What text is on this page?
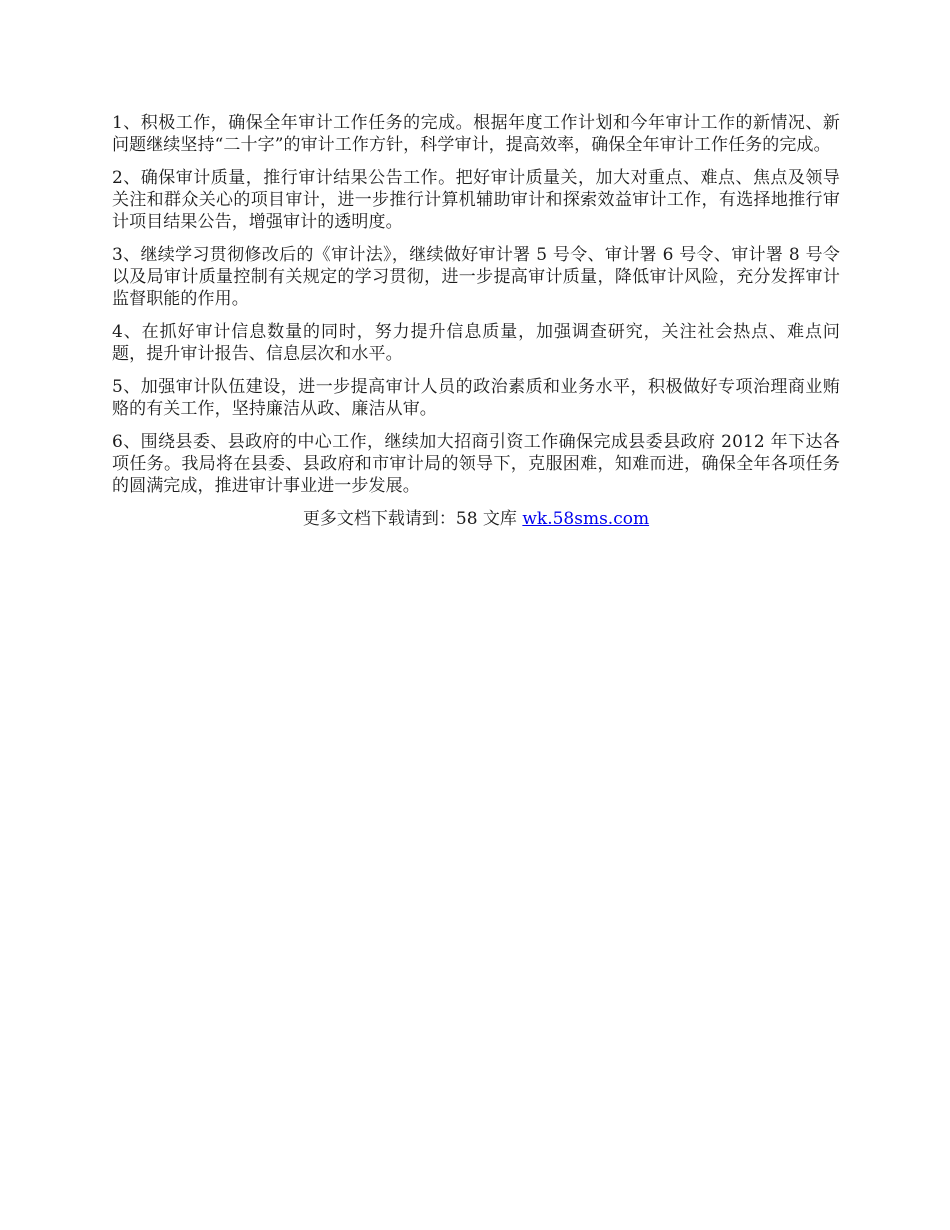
1、积极工作，确保全年审计工作任务的完成。根据年度工作计划和今年审计工作的新情况、新问题继续坚持“二十字”的审计工作方针，科学审计，提高效率，确保全年审计工作任务的完成。

2、确保审计质量，推行审计结果公告工作。把好审计质量关，加大对重点、难点、焦点及领导关注和群众关心的项目审计，进一步推行计算机辅助审计和探索效益审计工作，有选择地推行审计项目结果公告，增强审计的透明度。

3、继续学习贯彻修改后的《审计法》，继续做好审计署 5 号令、审计署 6 号令、审计署 8 号令以及局审计质量控制有关规定的学习贯彻，进一步提高审计质量，降低审计风险，充分发挥审计监督职能的作用。

4、在抓好审计信息数量的同时，努力提升信息质量，加强调查研究，关注社会热点、难点问题，提升审计报告、信息层次和水平。

5、加强审计队伍建设，进一步提高审计人员的政治素质和业务水平，积极做好专项治理商业贿赂的有关工作，坚持廉洁从政、廉洁从审。

6、围绕县委、县政府的中心工作，继续加大招商引资工作确保完成县委县政府 2012 年下达各项任务。我局将在县委、县政府和市审计局的领导下，克服困难，知难而进，确保全年各项任务的圆满完成，推进审计事业进一步发展。

更多文档下载请到：58 文库 wk.58sms.com
